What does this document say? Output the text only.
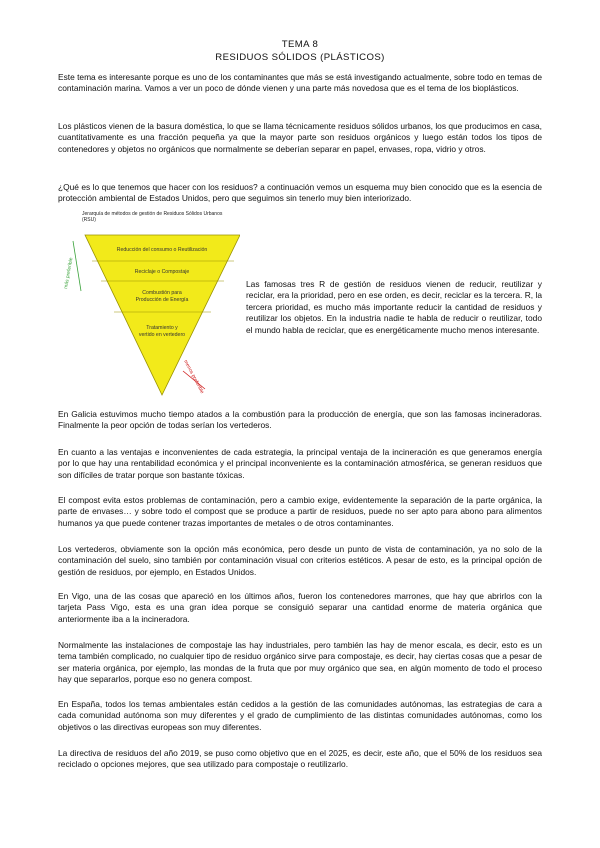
TEMA 8
RESIDUOS SÓLIDOS (PLÁSTICOS)

Este tema es interesante porque es uno de los contaminantes que más se está investigando actualmente, sobre todo en temas de contaminación marina. Vamos a ver un poco de dónde vienen y una parte más novedosa que es el tema de los bioplásticos.

Los plásticos vienen de la basura doméstica, lo que se llama técnicamente residuos sólidos urbanos, los que producimos en casa, cuantitativamente es una fracción pequeña ya que la mayor parte son residuos orgánicos y luego están todos los tipos de contenedores y objetos no orgánicos que normalmente se deberían separar en papel, envases, ropa, vidrio y otros.

¿Qué es lo que tenemos que hacer con los residuos? a continuación vemos un esquema muy bien conocido que es la esencia de protección ambiental de Estados Unidos, pero que seguimos sin tenerlo muy bien interiorizado.

Jerarquía de métodos de gestión de Residuos Sólidos Urbanos (RSU)
Reducción del consumo o Reutilización
Reciclaje o Compostaje
Combustión para Producción de Energía
Tratamiento y vertido en vertedero
más preferible
menos preferible

Las famosas tres R de gestión de residuos vienen de reducir, reutilizar y reciclar, era la prioridad, pero en ese orden, es decir, reciclar es la tercera. R, la tercera prioridad, es mucho más importante reducir la cantidad de residuos y reutilizar los objetos. En la industria nadie te habla de reducir o reutilizar, todo el mundo habla de reciclar, que es energéticamente mucho menos interesante.

En Galicia estuvimos mucho tiempo atados a la combustión para la producción de energía, que son las famosas incineradoras. Finalmente la peor opción de todas serían los vertederos.

En cuanto a las ventajas e inconvenientes de cada estrategia, la principal ventaja de la incineración es que generamos energía por lo que hay una rentabilidad económica y el principal inconveniente es la contaminación atmosférica, se generan residuos que son difíciles de tratar porque son bastante tóxicas.

El compost evita estos problemas de contaminación, pero a cambio exige, evidentemente la separación de la parte orgánica, la parte de envases… y sobre todo el compost que se produce a partir de residuos, puede no ser apto para abono para alimentos humanos ya que puede contener trazas importantes de metales o de otros contaminantes.

Los vertederos, obviamente son la opción más económica, pero desde un punto de vista de contaminación, ya no solo de la contaminación del suelo, sino también por contaminación visual con criterios estéticos. A pesar de esto, es la principal opción de gestión de residuos, por ejemplo, en Estados Unidos.

En Vigo, una de las cosas que apareció en los últimos años, fueron los contenedores marrones, que hay que abrirlos con la tarjeta Pass Vigo, esta es una gran idea porque se consiguió separar una cantidad enorme de materia orgánica que anteriormente iba a la incineradora.

Normalmente las instalaciones de compostaje las hay industriales, pero también las hay de menor escala, es decir, esto es un tema también complicado, no cualquier tipo de residuo orgánico sirve para compostaje, es decir, hay ciertas cosas que a pesar de ser materia orgánica, por ejemplo, las mondas de la fruta que por muy orgánico que sea, en algún momento de todo el proceso hay que separarlos, porque eso no genera compost.

En España, todos los temas ambientales están cedidos a la gestión de las comunidades autónomas, las estrategias de cara a cada comunidad autónoma son muy diferentes y el grado de cumplimiento de las distintas comunidades autónomas, como los objetivos o las directivas europeas son muy diferentes.

La directiva de residuos del año 2019, se puso como objetivo que en el 2025, es decir, este año, que el 50% de los residuos sea reciclado o opciones mejores, que sea utilizado para compostaje o reutilizarlo.
